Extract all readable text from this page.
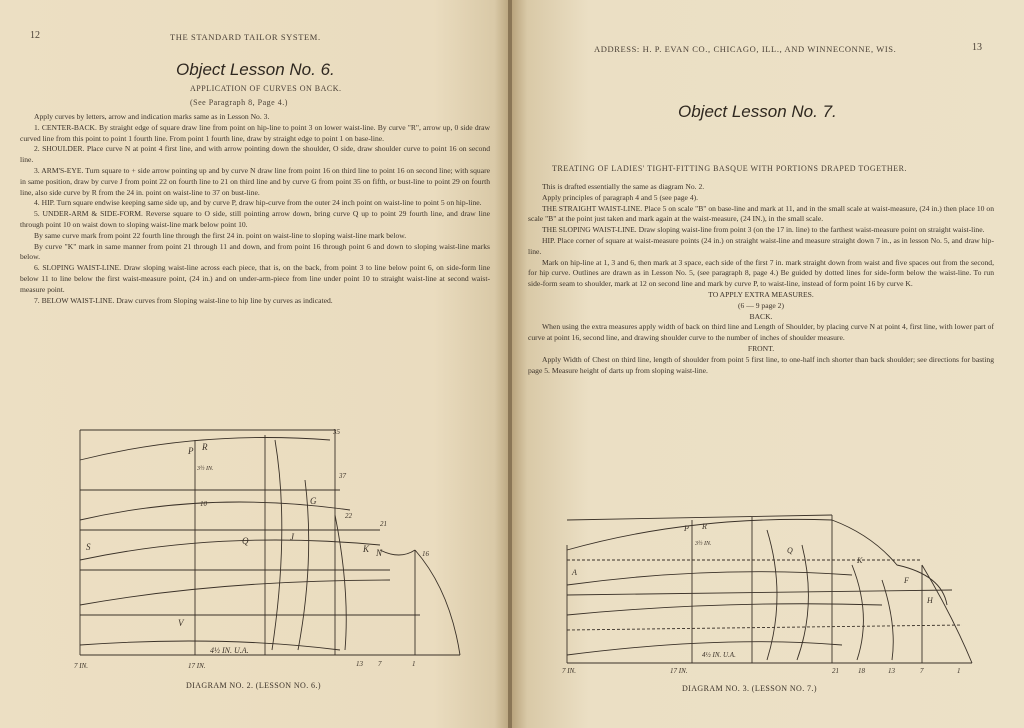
12	THE STANDARD TAILOR SYSTEM.
Object Lesson No. 6.
APPLICATION OF CURVES ON BACK.
(See Paragraph 8, Page 4.)

Apply curves by letters, arrow and indication marks same as in Lesson No. 3.

1. CENTER-BACK. By straight edge of square draw line from point on hip-line to point 3 on lower waist-line. By curve "R", arrow up, 0 side draw curved line from this point to point 1 fourth line. From point 1 fourth line, draw by straight edge to point 1 on base-line.

2. SHOULDER. Place curve N at point 4 first line, and with arrow pointing down the shoulder, O side, draw shoulder curve to point 16 on second line.

3. ARM'S-EYE. Turn square to + side arrow pointing up and by curve N draw line from point 16 on third line to point 16 on second line; with square in same position, draw by curve J from point 22 on fourth line to 21 on third line and by curve G from point 35 on fifth, or bust-line to point 29 on fourth line, also side curve by R from the 24 in. point on waist-line to 37 on bust-line.

4. HIP. Turn square endwise keeping same side up, and by curve P, draw hip-curve from the outer 24 inch point on waist-line to point 5 on hip-line.

5. UNDER-ARM & SIDE-FORM. Reverse square to O side, still pointing arrow down, bring curve Q up to point 29 fourth line, and draw line through point 10 on waist down to sloping waist-line mark below point 10.

By same curve mark from point 22 fourth line through the first 24 in. point on waist-line to sloping waist-line mark below.

By curve "K" mark in same manner from point 21 through 11 and down, and from point 16 through point 6 and down to sloping waist-line marks below.

6. SLOPING WAIST-LINE. Draw sloping waist-line across each piece, that is, on the back, from point 3 to line below point 6, on side-form line below 11 to line below the first waist-measure point, (24 in.) and on under-arm-piece from line under point 10 to straight waist-line at second waist-measure point.

7. BELOW WAIST-LINE. Draw curves from Sloping waist-line to hip line by curves as indicated.

P R
V
J
G
K N
Q
S
35
37
21
22
16
10
3½ IN.
4½ IN. U.A.
7 IN.	17 IN.	13 7	1
DIAGRAM NO. 2. (LESSON NO. 6.)
ADDRESS: H. P. EVAN CO., CHICAGO, ILL., AND WINNECONNE, WIS.	13
Object Lesson No. 7.
TREATING OF LADIES' TIGHT-FITTING BASQUE WITH PORTIONS DRAPED TOGETHER.

This is drafted essentially the same as diagram No. 2.

Apply principles of paragraph 4 and 5 (see page 4).

THE STRAIGHT WAIST-LINE. Place 5 on scale "B" on base-line and mark at 11, and in the small scale at waist-measure, (24 in.) then place 10 on scale "B" at the point just taken and mark again at the waist-measure, (24 IN.), in the small scale.

THE SLOPING WAIST-LINE. Draw sloping waist-line from point 3 (on the 17 in. line) to the farthest waist-measure point on straight waist-line.

HIP. Place corner of square at waist-measure points (24 in.) on straight waist-line and measure straight down 7 in., as in lesson No. 5, and draw hip-line.

Mark on hip-line at 1, 3 and 6, then mark at 3 space, each side of the first 7 in. mark straight down from waist and five spaces out from the second, for hip curve. Outlines are drawn as in Lesson No. 5, (see paragraph 8, page 4.) Be guided by dotted lines for side-form below the waist-line. To run side-form seam to shoulder, mark at 12 on second line and mark by curve P, to waist-line, instead of form point 16 by curve K.

TO APPLY EXTRA MEASURES.

(6 — 9 page 2)

BACK.

When using the extra measures apply width of back on third line and Length of Shoulder, by placing curve N at point 4, first line, with lower part of curve at point 16, second line, and drawing shoulder curve to the number of inches of shoulder measure.

FRONT.

Apply Width of Chest on third line, length of shoulder from point 5 first line, to one-half inch shorter than back shoulder; see directions for basting page 5. Measure height of darts up from sloping waist-line.

P R
Q
K
F
H
A
3½ IN.
4½ IN. U.A.
7 IN.	17 IN.	21	18	13	7	1
DIAGRAM NO. 3. (LESSON NO. 7.)
